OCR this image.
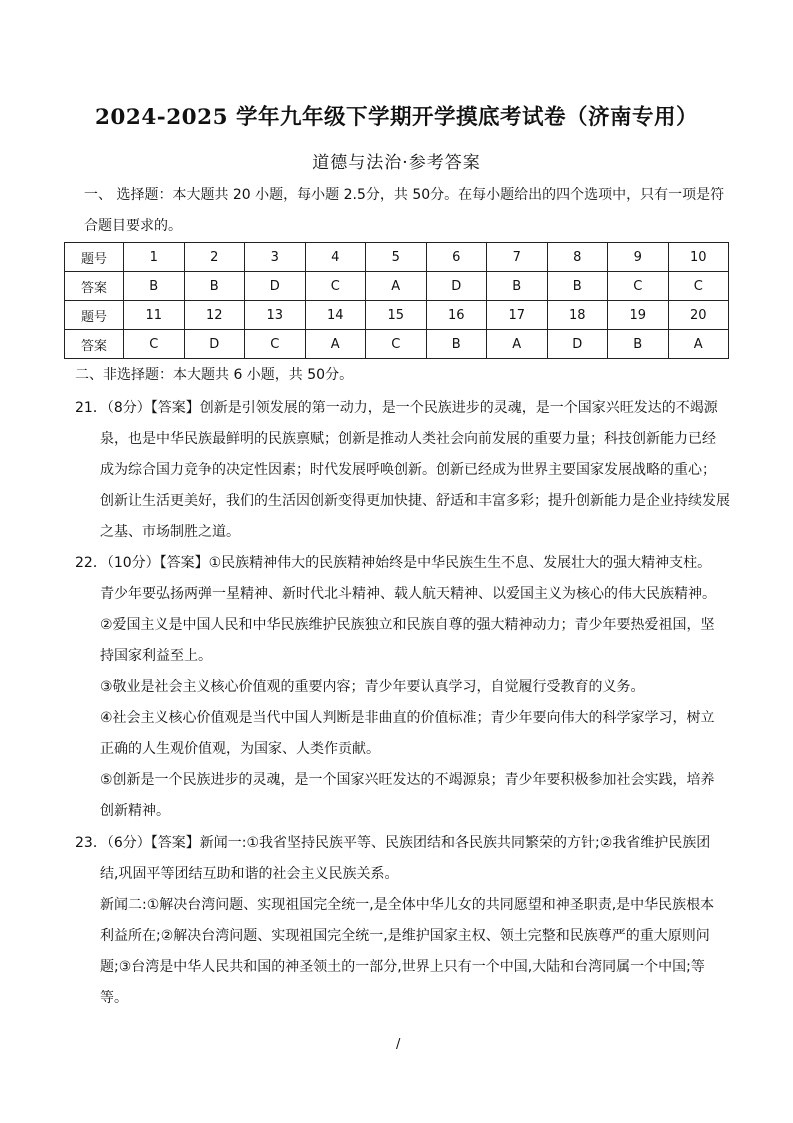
2024-2025 学年九年级下学期开学摸底考试卷（济南专用）
道德与法治·参考答案
一、 选择题：本大题共 20 小题，每小题 2.5分，共 50分。在每小题给出的四个选项中，只有一项是符
合题目要求的。
题号	1	2	3	4	5	6	7	8	9	10
答案	B	B	D	C	A	D	B	B	C	C
题号	11	12	13	14	15	16	17	18	19	20
答案	C	D	C	A	C	B	A	D	B	A
二、非选择题：本大题共 6 小题，共 50分。
21．（8分）【答案】创新是引领发展的第一动力，是一个民族进步的灵魂，是一个国家兴旺发达的不竭源
泉，也是中华民族最鲜明的民族禀赋；创新是推动人类社会向前发展的重要力量；科技创新能力已经
成为综合国力竞争的决定性因素；时代发展呼唤创新。创新已经成为世界主要国家发展战略的重心；
创新让生活更美好，我们的生活因创新变得更加快捷、舒适和丰富多彩；提升创新能力是企业持续发展
之基、市场制胜之道。
22．（10分）【答案】①民族精神伟大的民族精神始终是中华民族生生不息、发展壮大的强大精神支柱。
青少年要弘扬两弹一星精神、新时代北斗精神、载人航天精神、以爱国主义为核心的伟大民族精神。
②爱国主义是中国人民和中华民族维护民族独立和民族自尊的强大精神动力；青少年要热爱祖国，坚
持国家利益至上。
③敬业是社会主义核心价值观的重要内容；青少年要认真学习，自觉履行受教育的义务。
④社会主义核心价值观是当代中国人判断是非曲直的价值标准；青少年要向伟大的科学家学习，树立
正确的人生观价值观，为国家、人类作贡献。
⑤创新是一个民族进步的灵魂，是一个国家兴旺发达的不竭源泉；青少年要积极参加社会实践，培养
创新精神。
23．（6分）【答案】新闻一:①我省坚持民族平等、民族团结和各民族共同繁荣的方针;②我省维护民族团
结,巩固平等团结互助和谐的社会主义民族关系。
新闻二:①解决台湾问题、实现祖国完全统一,是全体中华儿女的共同愿望和神圣职责,是中华民族根本
利益所在;②解决台湾问题、实现祖国完全统一,是维护国家主权、领土完整和民族尊严的重大原则问
题;③台湾是中华人民共和国的神圣领土的一部分,世界上只有一个中国,大陆和台湾同属一个中国;等
等。
/
